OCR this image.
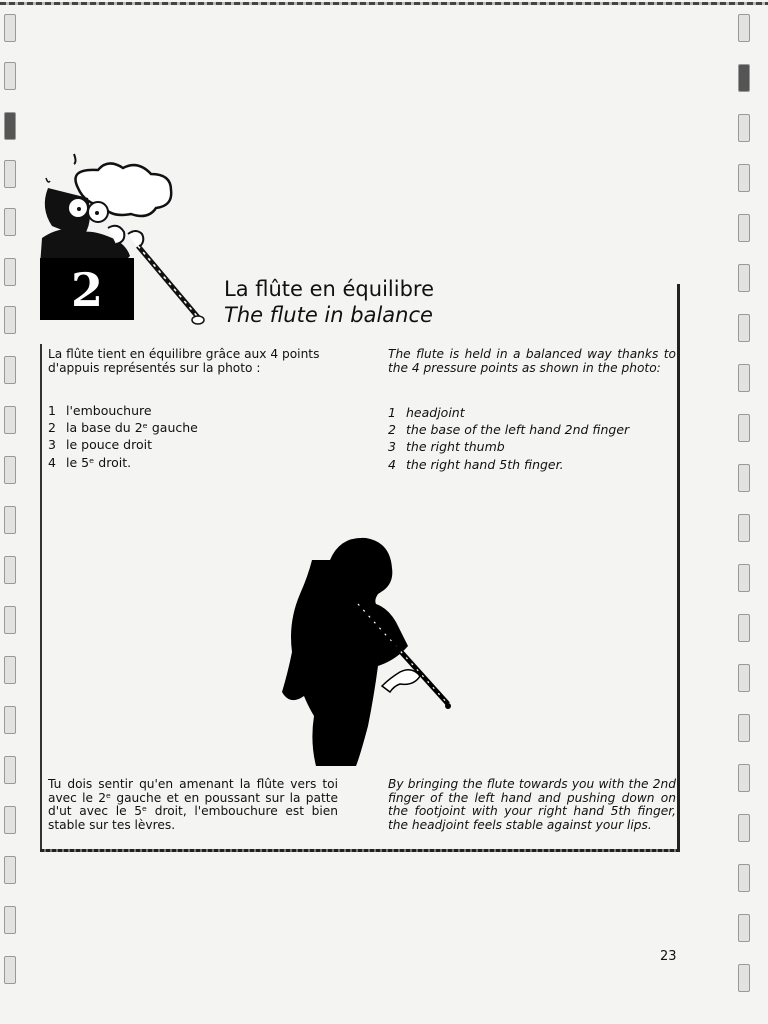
2	La flûte en équilibre
The flute in balance
La flûte tient en équilibre grâce aux 4 points d'appuis représentés sur la photo :
The flute is held in a balanced way thanks to the 4 pressure points as shown in the photo:
1 l'embouchure
2 la base du 2ᵉ gauche
3 le pouce droit
4 le 5ᵉ droit.
1 headjoint
2 the base of the left hand 2nd finger
3 the right thumb
4 the right hand 5th finger.
Tu dois sentir qu'en amenant la flûte vers toi avec le 2ᵉ gauche et en poussant sur la patte d'ut avec le 5ᵉ droit, l'embouchure est bien stable sur tes lèvres.
By bringing the flute towards you with the 2nd finger of the left hand and pushing down on the footjoint with your right hand 5th finger, the headjoint feels stable against your lips.
23
